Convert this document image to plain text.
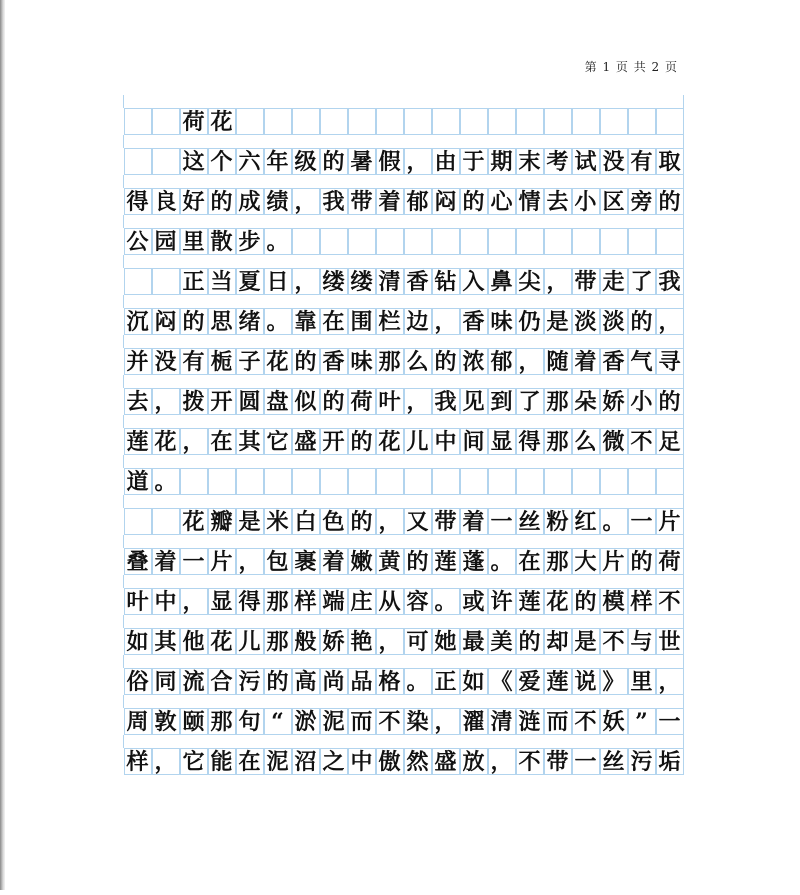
第 1 页 共 2 页
荷 花
这 个 六 年 级 的 暑 假 ， 由 于 期 末 考 试 没 有 取
得 良 好 的 成 绩 ， 我 带 着 郁 闷 的 心 情 去 小 区 旁 的
公 园 里 散 步 。
正 当 夏 日 ， 缕 缕 清 香 钻 入 鼻 尖 ， 带 走 了 我
沉 闷 的 思 绪 。 靠 在 围 栏 边 ， 香 味 仍 是 淡 淡 的 ，
并 没 有 栀 子 花 的 香 味 那 么 的 浓 郁 ， 随 着 香 气 寻
去 ， 拨 开 圆 盘 似 的 荷 叶 ， 我 见 到 了 那 朵 娇 小 的
莲 花 ， 在 其 它 盛 开 的 花 儿 中 间 显 得 那 么 微 不 足
道 。
花 瓣 是 米 白 色 的 ， 又 带 着 一 丝 粉 红 。 一 片
叠 着 一 片 ， 包 裹 着 嫩 黄 的 莲 蓬 。 在 那 大 片 的 荷
叶 中 ， 显 得 那 样 端 庄 从 容 。 或 许 莲 花 的 模 样 不
如 其 他 花 儿 那 般 娇 艳 ， 可 她 最 美 的 却 是 不 与 世
俗 同 流 合 污 的 高 尚 品 格 。 正 如 《 爱 莲 说 》 里 ，
周 敦 颐 那 句 “ 淤 泥 而 不 染 ， 濯 清 涟 而 不 妖 ” 一
样 ， 它 能 在 泥 沼 之 中 傲 然 盛 放 ， 不 带 一 丝 污 垢
